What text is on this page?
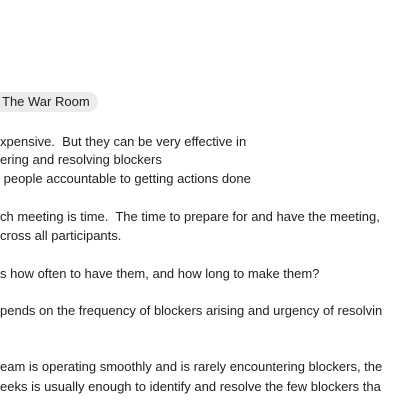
The War Room
xpensive.  But they can be very effective in
ering and resolving blockers
people accountable to getting actions done
ch meeting is time.  The time to prepare for and have the meeting,
cross all participants.
s how often to have them, and how long to make them?
pends on the frequency of blockers arising and urgency of resolvin
eam is operating smoothly and is rarely encountering blockers, the
eeks is usually enough to identify and resolve the few blockers tha
